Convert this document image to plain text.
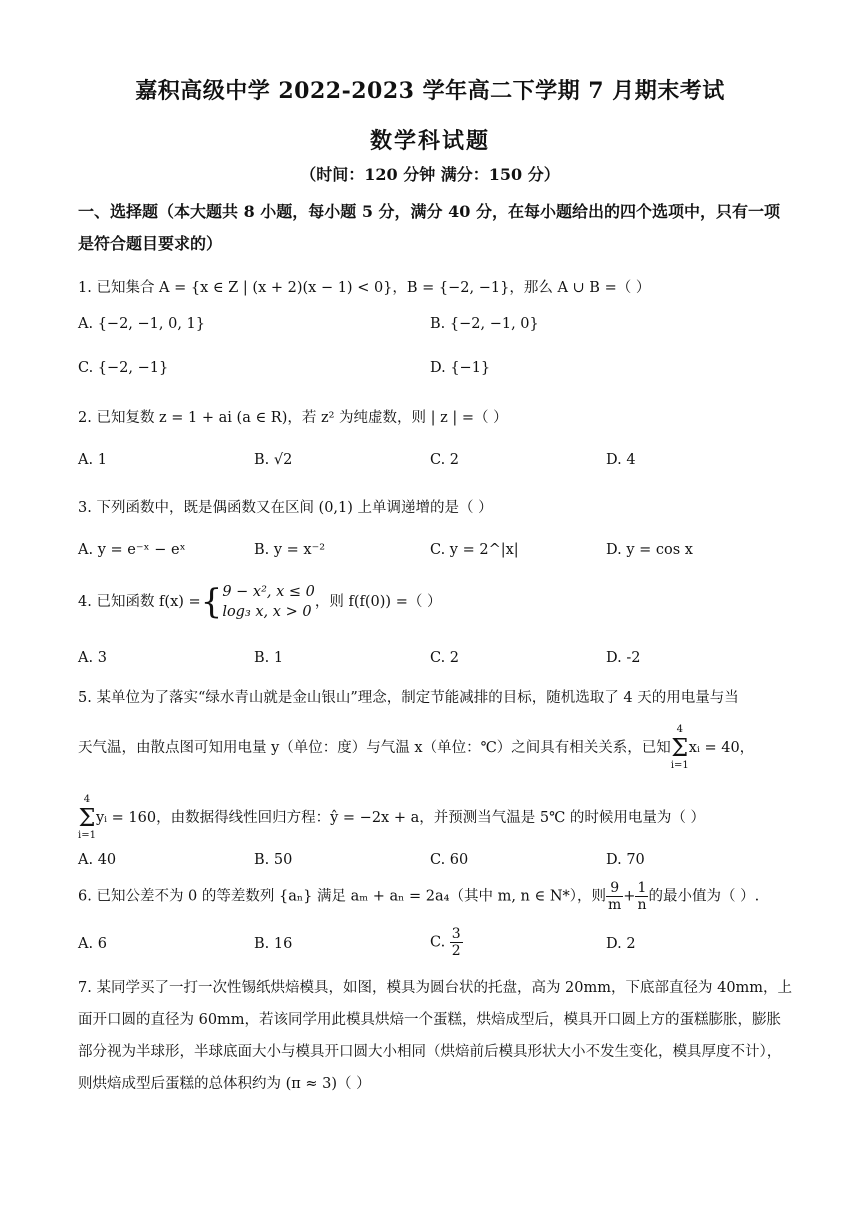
嘉积高级中学 2022-2023 学年高二下学期 7 月期末考试
数学科试题
（时间：120 分钟 满分：150 分）
一、选择题（本大题共 8 小题，每小题 5 分，满分 40 分，在每小题给出的四个选项中，只有一项是符合题目要求的）
1. 已知集合 A = {x ∈ Z | (x + 2)(x − 1) < 0}，B = {−2, −1}，那么 A ∪ B =（ ）
A. {−2, −1, 0, 1}	B. {−2, −1, 0}
C. {−2, −1}	D. {−1}
2. 已知复数 z = 1 + ai (a ∈ R)，若 z² 为纯虚数，则 | z | =（ ）
A. 1	B. √2	C. 2	D. 4
3. 下列函数中，既是偶函数又在区间 (0,1) 上单调递增的是（ ）
A. y = e⁻ˣ − eˣ	B. y = x⁻²	C. y = 2^|x|	D. y = cos x
4. 已知函数 f(x) ={ 9 − x², x ≤ 0
log₃ x, x > 0
，则 f(f(0)) =（ ）
A. 3	B. 1	C. 2	D. -2
5. 某单位为了落实“绿水青山就是金山银山”理念，制定节能减排的目标，随机选取了 4 天的用电量与当
天气温，由散点图可知用电量 y（单位：度）与气温 x（单位：℃）之间具有相关关系，已知
4
Σ
i=1
xᵢ = 40，
4
Σ
i=1
yᵢ = 160，由数据得线性回归方程：ŷ = −2x + a，并预测当气温是 5℃ 的时候用电量为（ ）
A. 40	B. 50	C. 60	D. 70
6. 已知公差不为 0 的等差数列 {aₙ} 满足 aₘ + aₙ = 2a₄（其中 m, n ∈ N*），则 $\frac{9}{m} + \frac{1}{n}$ 的最小值为（ ）.
A. 6	B. 16	C. $\frac{3}{2}$	D. 2
7. 某同学买了一打一次性锡纸烘焙模具，如图，模具为圆台状的托盘，高为 20mm，下底部直径为 40mm，上面开口圆的直径为 60mm，若该同学用此模具烘焙一个蛋糕，烘焙成型后，模具开口圆上方的蛋糕膨胀，膨胀部分视为半球形，半球底面大小与模具开口圆大小相同（烘焙前后模具形状大小不发生变化，模具厚度不计），则烘焙成型后蛋糕的总体积约为 (π ≈ 3)（ ）
